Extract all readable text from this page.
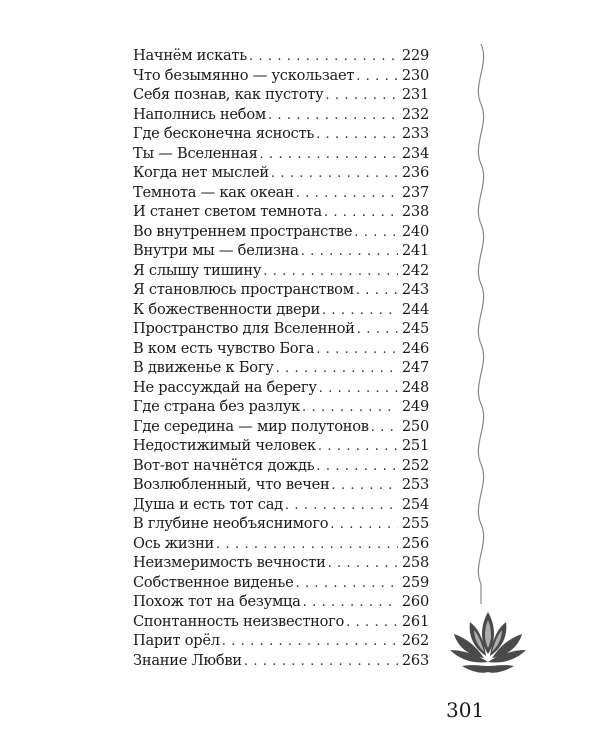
Начнём искать . . .	229
Что безымянно — ускользает . . .	230
Себя познав, как пустоту . . .	231
Наполнись небом . . .	232
Где бесконечна ясность . . .	233
Ты — Вселенная . . .	234
Когда нет мыслей . . .	236
Темнота — как океан . . .	237
И станет светом темнота . . .	238
Во внутреннем пространстве . . .	240
Внутри мы — белизна . . .	241
Я слышу тишину . . .	242
Я становлюсь пространством . . .	243
К божественности двери . . .	244
Пространство для Вселенной . . .	245
В ком есть чувство Бога . . .	246
В движенье к Богу . . .	247
Не рассуждай на берегу . . .	248
Где страна без разлук . . .	249
Где середина — мир полутонов . . . 250
Недостижимый человек . . .	251
Вот-вот начнётся дождь . . .	252
Возлюбленный, что вечен . . .	253
Душа и есть тот сад . . .	254
В глубине необъяснимого . . .	255
Ось жизни . . .	256
Неизмеримость вечности . . .	258
Собственное виденье . . .	259
Похож тот на безумца . . .	260
Спонтанность неизвестного . . .	261
Парит орёл . . .	262
Знание Любви . . .	263
301
